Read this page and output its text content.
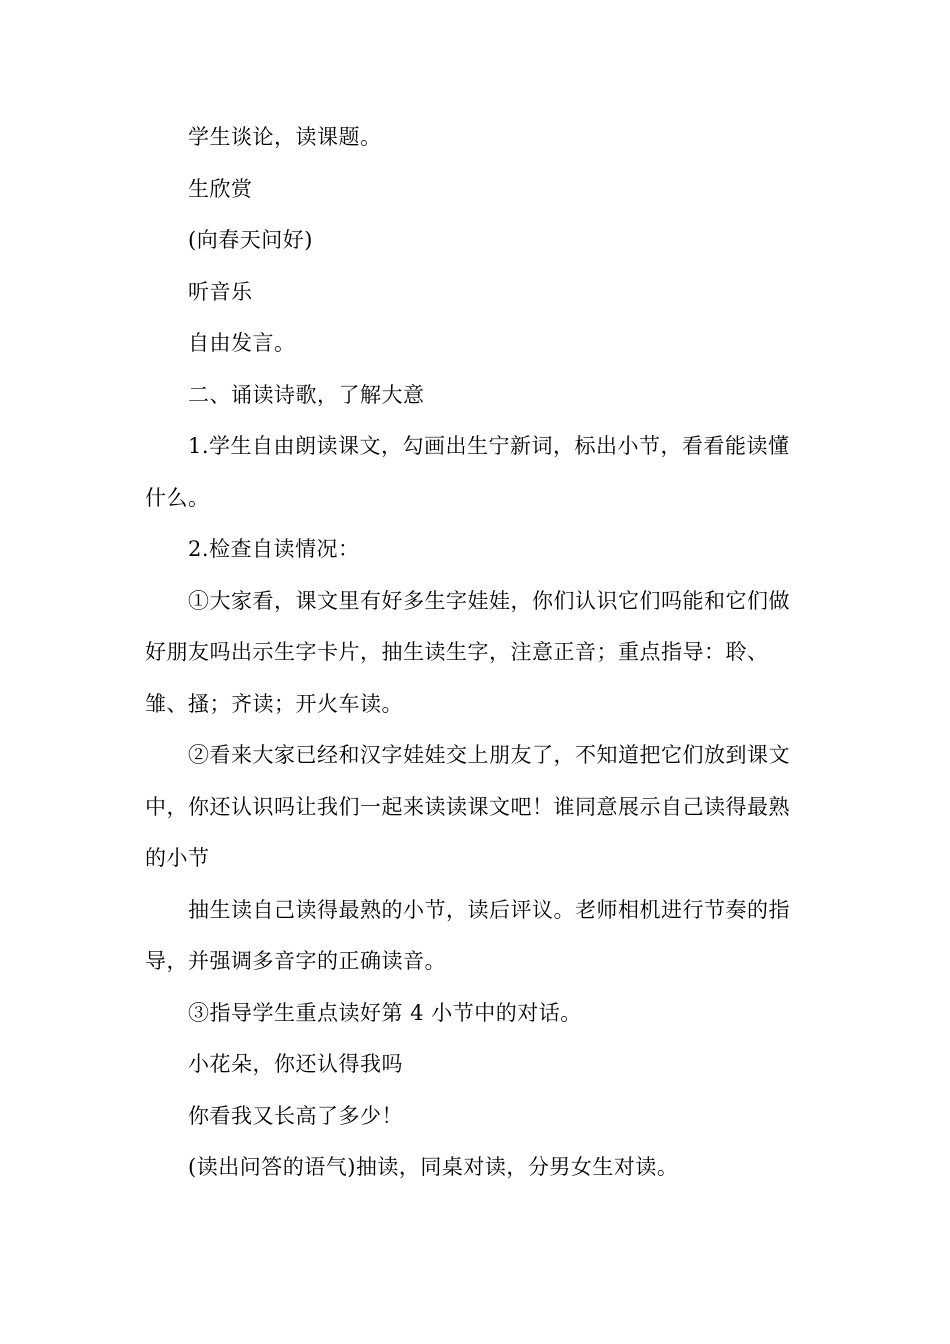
学生谈论，读课题。

生欣赏

(向春天问好)

听音乐

自由发言。

二、诵读诗歌，了解大意

1.学生自由朗读课文，勾画出生宁新词，标出小节，看看能读懂什么。

2.检查自读情况：

①大家看，课文里有好多生字娃娃，你们认识它们吗能和它们做好朋友吗出示生字卡片，抽生读生字，注意正音；重点指导：聆、雏、搔；齐读；开火车读。

②看来大家已经和汉字娃娃交上朋友了，不知道把它们放到课文中，你还认识吗让我们一起来读读课文吧！谁同意展示自己读得最熟的小节

抽生读自己读得最熟的小节，读后评议。老师相机进行节奏的指导，并强调多音字的正确读音。

③指导学生重点读好第 4 小节中的对话。

小花朵，你还认得我吗

你看我又长高了多少！

(读出问答的语气)抽读，同桌对读，分男女生对读。
